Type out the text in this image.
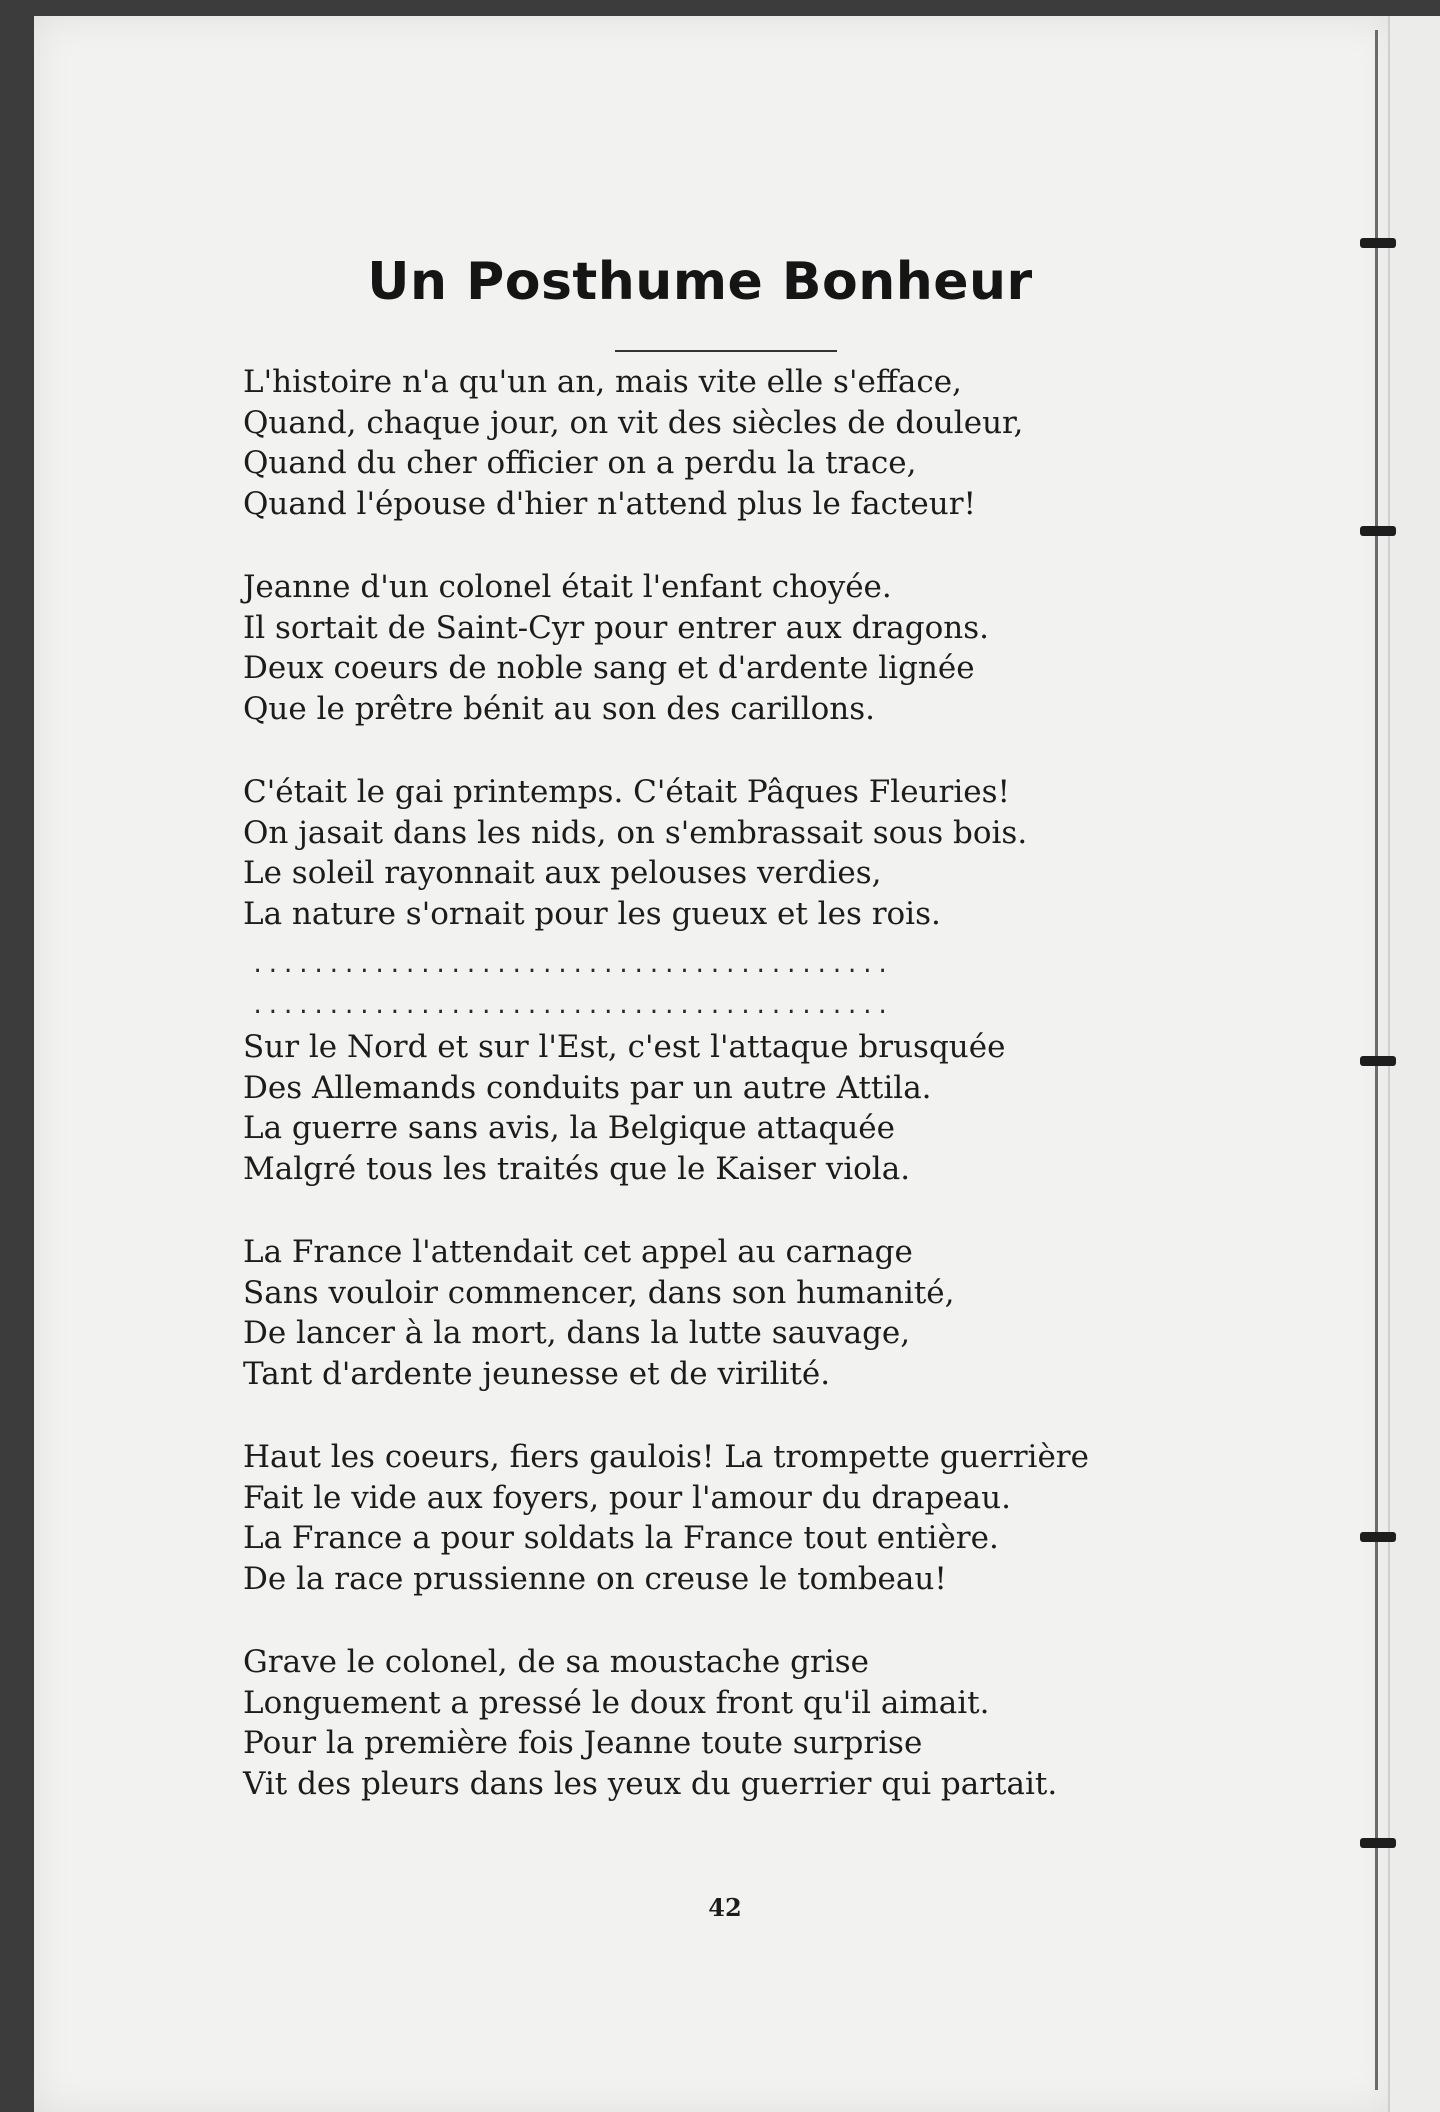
Un Posthume Bonheur
L'histoire n'a qu'un an, mais vite elle s'efface,
Quand, chaque jour, on vit des siècles de douleur,
Quand du cher officier on a perdu la trace,
Quand l'épouse d'hier n'attend plus le facteur!
Jeanne d'un colonel était l'enfant choyée.
Il sortait de Saint-Cyr pour entrer aux dragons.
Deux coeurs de noble sang et d'ardente lignée
Que le prêtre bénit au son des carillons.
C'était le gai printemps. C'était Pâques Fleuries!
On jasait dans les nids, on s'embrassait sous bois.
Le soleil rayonnait aux pelouses verdies,
La nature s'ornait pour les gueux et les rois.
..........................................
..........................................
Sur le Nord et sur l'Est, c'est l'attaque brusquée
Des Allemands conduits par un autre Attila.
La guerre sans avis, la Belgique attaquée
Malgré tous les traités que le Kaiser viola.
La France l'attendait cet appel au carnage
Sans vouloir commencer, dans son humanité,
De lancer à la mort, dans la lutte sauvage,
Tant d'ardente jeunesse et de virilité.
Haut les coeurs, fiers gaulois! La trompette guerrière
Fait le vide aux foyers, pour l'amour du drapeau.
La France a pour soldats la France tout entière.
De la race prussienne on creuse le tombeau!
Grave le colonel, de sa moustache grise
Longuement a pressé le doux front qu'il aimait.
Pour la première fois Jeanne toute surprise
Vit des pleurs dans les yeux du guerrier qui partait.
42
